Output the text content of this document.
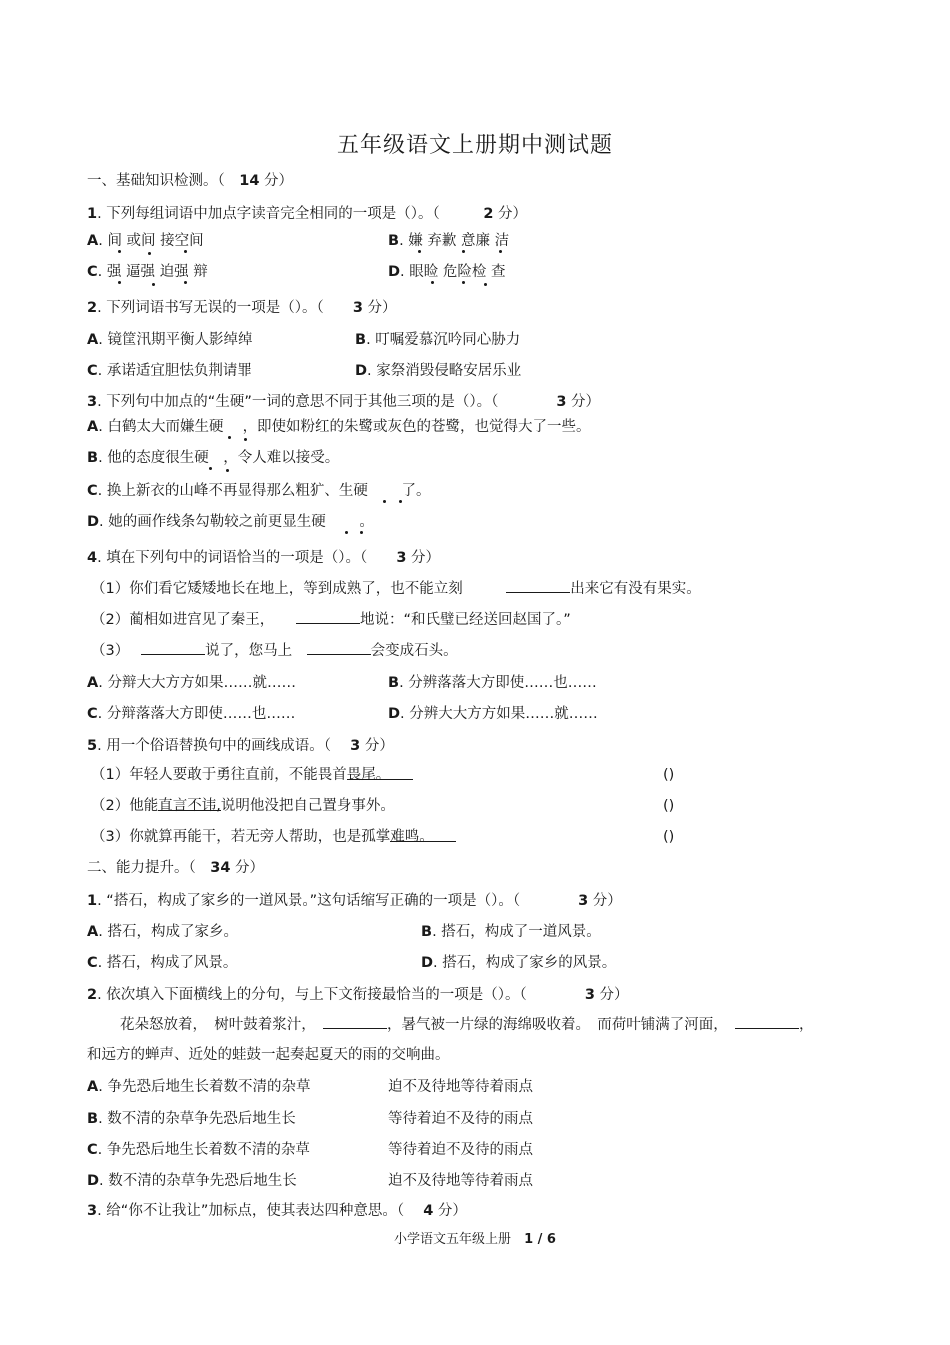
五年级语文上册期中测试题
一、基础知识检测。（　 14 分）
1. 下列每组词语中加点字读音完全相同的一项是（）。（　　　	2 分）
A. 间 或间 接空间	B. 嫌 弃歉 意廉 洁
C. 强 逼强 迫强 辩	D. 眼睑 危险检 查
2. 下列词语书写无误的一项是（）。（　　 3 分）
A. 镜筐汛期平衡人影绰绰	B. 叮嘱爱慕沉吟同心胁力
C. 承诺适宜胆怯负荆请罪	D. 家祭消毁侵略安居乐业
3. 下列句中加点的“生硬”一词的意思不同于其他三项的是（）。（　　　　	3 分）
A. 白鹤太大而嫌生硬　 ，即使如粉红的朱鹭或灰色的苍鹭，也觉得大了一些。
B. 他的态度很生硬　 ，令人难以接受。
C. 换上新衣的山峰不再显得那么粗犷、生硬　　 了。
D. 她的画作线条勾勒较之前更显生硬　　 。
4. 填在下列句中的词语恰当的一项是（）。（　　 3 分）
（1）你们看它矮矮地长在地上，等到成熟了，也不能立刻　　　	出来它有没有果实。
（2）蔺相如进宫见了秦王，　　	地说：“和氏璧已经送回赵国了。”
（3）　	说了，您马上　	会变成石头。
A. 分辩大大方方如果……就……	B. 分辨落落大方即使……也……
C. 分辩落落大方即使……也……	D. 分辨大大方方如果……就……
5. 用一个俗语替换句中的画线成语。（　 3 分）
（1）年轻人要敢于勇往直前，不能畏首畏尾。	()
（2）他能直言不讳,说明他没把自己置身事外。	()
（3）你就算再能干，若无旁人帮助，也是孤掌难鸣。	()
二、能力提升。（　 34 分）
1. “搭石，构成了家乡的一道风景。”这句话缩写正确的一项是（）。（　　　　	3 分）
A. 搭石，构成了家乡。	B. 搭石，构成了一道风景。
C. 搭石，构成了风景。	D. 搭石，构成了家乡的风景。
2. 依次填入下面横线上的分句，与上下文衔接最恰当的一项是（）。（　　　　	3 分）
花朵怒放着，　树叶鼓着浆汁，　	，暑气被一片绿的海绵吸收着。　而荷叶铺满了河面，　	，
和远方的蝉声、近处的蛙鼓一起奏起夏天的雨的交响曲。
A. 争先恐后地生长着数不清的杂草	迫不及待地等待着雨点
B. 数不清的杂草争先恐后地生长	等待着迫不及待的雨点
C. 争先恐后地生长着数不清的杂草	等待着迫不及待的雨点
D. 数不清的杂草争先恐后地生长	迫不及待地等待着雨点
3. 给“你不让我让”加标点，使其表达四种意思。（　 4 分）
小学语文五年级上册　 1 / 6
